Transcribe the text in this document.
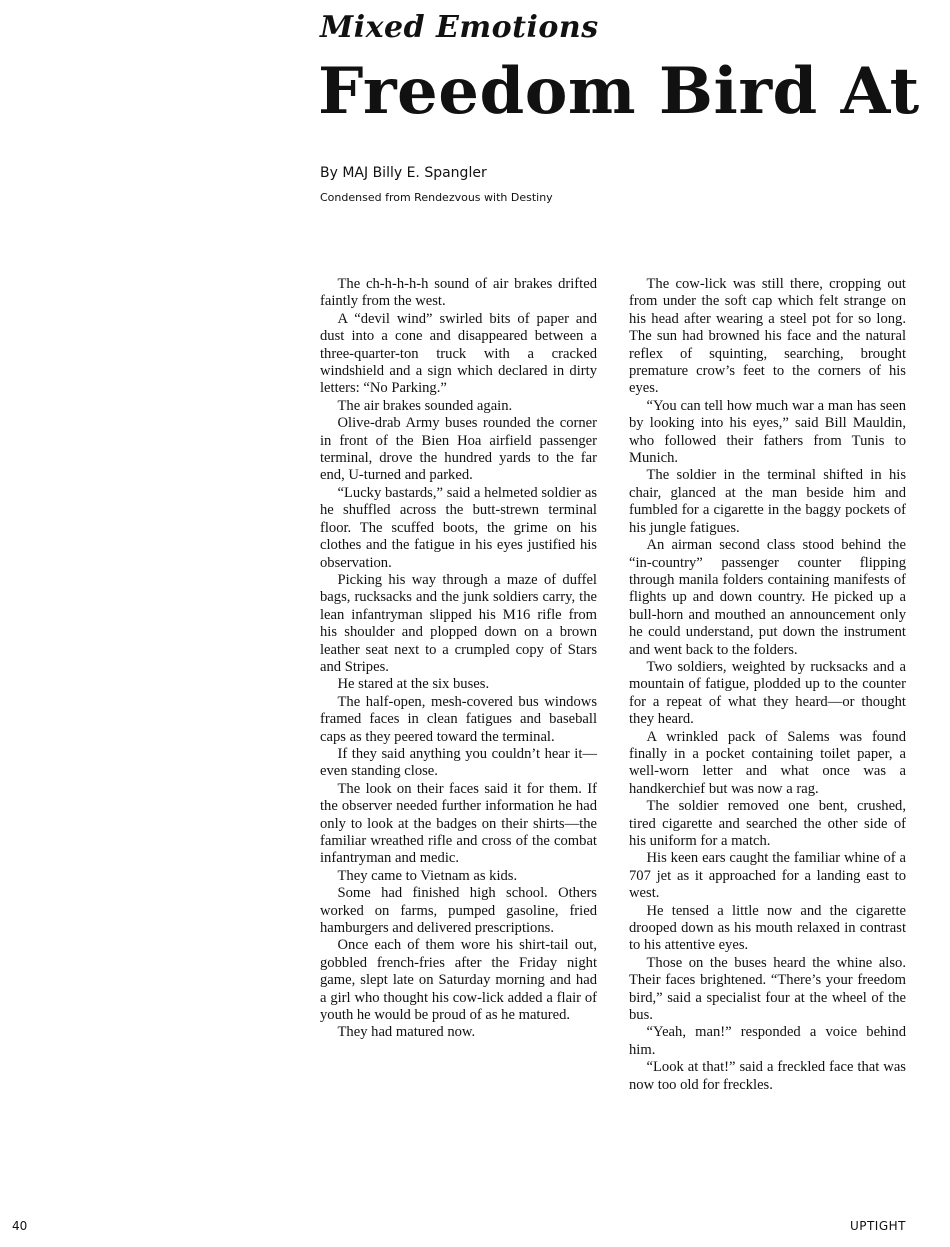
Mixed Emotions
Freedom Bird At
By MAJ Billy E. Spangler
Condensed from Rendezvous with Destiny

The ch-h-h-h-h sound of air brakes drifted faintly from the west.

A “devil wind” swirled bits of paper and dust into a cone and disappeared between a three-quarter-ton truck with a cracked windshield and a sign which declared in dirty letters: “No Parking.”

The air brakes sounded again.

Olive-drab Army buses rounded the corner in front of the Bien Hoa airfield passenger terminal, drove the hundred yards to the far end, U-turned and parked.

“Lucky bastards,” said a helmeted soldier as he shuffled across the butt-strewn terminal floor. The scuffed boots, the grime on his clothes and the fatigue in his eyes justified his observation.

Picking his way through a maze of duffel bags, rucksacks and the junk soldiers carry, the lean infantryman slipped his M16 rifle from his shoulder and plopped down on a brown leather seat next to a crumpled copy of Stars and Stripes.

He stared at the six buses.

The half-open, mesh-covered bus windows framed faces in clean fatigues and baseball caps as they peered toward the terminal.

If they said anything you couldn’t hear it—even standing close.

The look on their faces said it for them. If the observer needed further information he had only to look at the badges on their shirts—the familiar wreathed rifle and cross of the combat infantryman and medic.

They came to Vietnam as kids.

Some had finished high school. Others worked on farms, pumped gasoline, fried hamburgers and delivered prescriptions.

Once each of them wore his shirt-tail out, gobbled french-fries after the Friday night game, slept late on Saturday morning and had a girl who thought his cow-lick added a flair of youth he would be proud of as he matured.

They had matured now.

The cow-lick was still there, cropping out from under the soft cap which felt strange on his head after wearing a steel pot for so long. The sun had browned his face and the natural reflex of squinting, searching, brought premature crow’s feet to the corners of his eyes.

“You can tell how much war a man has seen by looking into his eyes,” said Bill Mauldin, who followed their fathers from Tunis to Munich.

The soldier in the terminal shifted in his chair, glanced at the man beside him and fumbled for a cigarette in the baggy pockets of his jungle fatigues.

An airman second class stood behind the “in-country” passenger counter flipping through manila folders containing manifests of flights up and down country. He picked up a bull-horn and mouthed an announcement only he could understand, put down the instrument and went back to the folders.

Two soldiers, weighted by rucksacks and a mountain of fatigue, plodded up to the counter for a repeat of what they heard—or thought they heard.

A wrinkled pack of Salems was found finally in a pocket containing toilet paper, a well-worn letter and what once was a handkerchief but was now a rag.

The soldier removed one bent, crushed, tired cigarette and searched the other side of his uniform for a match.

His keen ears caught the familiar whine of a 707 jet as it approached for a landing east to west.

He tensed a little now and the cigarette drooped down as his mouth relaxed in contrast to his attentive eyes.

Those on the buses heard the whine also. Their faces brightened. “There’s your freedom bird,” said a specialist four at the wheel of the bus.

“Yeah, man!” responded a voice behind him.

“Look at that!” said a freckled face that was now too old for freckles.

40	UPTIGHT
